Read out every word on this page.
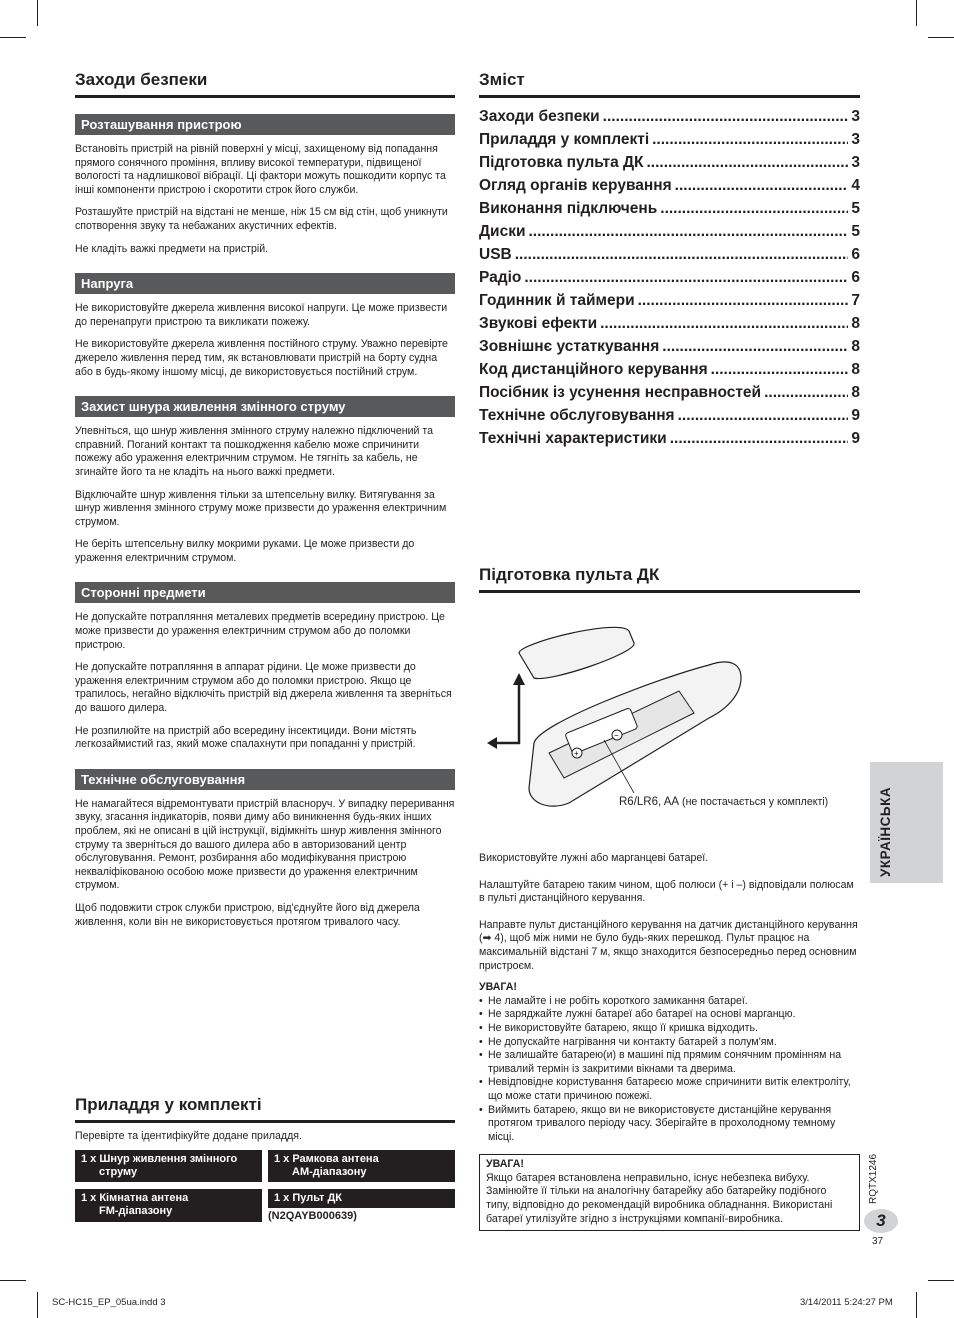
Заходи безпеки
Розташування пристрою

Встановіть пристрій на рівній поверхні у місці, захищеному від попадання прямого сонячного проміння, впливу високої температури, підвищеної вологості та надлишкової вібрації. Ці фактори можуть пошкодити корпус та інші компоненти пристрою і скоротити строк його служби.

Розташуйте пристрій на відстані не менше, ніж 15 см від стін, щоб уникнути спотворення звуку та небажаних акустичних ефектів.

Не кладіть важкі предмети на пристрій.

Напруга

Не використовуйте джерела живлення високої напруги. Це може призвести до перенапруги пристрою та викликати пожежу.

Не використовуйте джерела живлення постійного струму. Уважно перевірте джерело живлення перед тим, як встановлювати пристрій на борту судна або в будь-якому іншому місці, де використовується постійний струм.

Захист шнура живлення змінного струму

Упевніться, що шнур живлення змінного струму належно підключений та справний. Поганий контакт та пошкодження кабелю може спричинити пожежу або ураження електричним струмом. Не тягніть за кабель, не згинайте його та не кладіть на нього важкі предмети.

Відключайте шнур живлення тільки за штепсельну вилку. Витягування за шнур живлення змінного струму може призвести до ураження електричним струмом.

Не беріть штепсельну вилку мокрими руками. Це може призвести до ураження електричним струмом.

Сторонні предмети

Не допускайте потрапляння металевих предметів всередину пристрою. Це може призвести до ураження електричним струмом або до поломки пристрою.

Не допускайте потрапляння в аппарат рідини. Це може призвести до ураження електричним струмом або до поломки пристрою. Якщо це трапилось, негайно відключіть пристрій від джерела живлення та зверніться до вашого дилера.

Не розпилюйте на пристрій або всередину інсектициди. Вони містять легкозаймистий газ, який може спалахнути при попаданні у пристрій.

Технічне обслуговування

Не намагайтеся відремонтувати пристрій власноруч. У випадку переривання звуку, згасання індикаторів, появи диму або виникнення будь-яких інших проблем, які не описані в цій інструкції, відімкніть шнур живлення змінного струму та зверніться до вашого дилера або в авторизований центр обслуговування. Ремонт, розбирання або модифікування пристрою некваліфікованою особою може призвести до ураження електричним струмом.

Щоб подовжити строк служби пристрою, від'єднуйте його від джерела живлення, коли він не використовується протягом тривалого часу.

Приладдя у комплекті

Перевірте та ідентифікуйте додане приладдя.

1 x Шнур живлення змінного
струму
1 x Рамкова антена
АМ-діапазону
1 x Кімнатна антена
FM-діапазону
1 x Пульт ДК
(N2QAYB000639)
Зміст
Заходи безпеки .....	3
Приладдя у комплекті .....	3
Підготовка пульта ДК .....	3
Огляд органів керування .....	4
Виконання підключень .....	5
Диски .....	5
USB .....	6
Радіо .....	6
Годинник й таймери .....	7
Звукові ефекти .....	8
Зовнішнє устаткування .....	8
Код дистанційного керування .....	8
Посібник із усунення несправностей .....	8
Технічне обслуговування .....	9
Технічні характеристики .....	9
Підготовка пульта ДК
+
−
R6/LR6, AA (не постачається у комплекті)

Використовуйте лужні або марганцеві батареї.

Налаштуйте батарею таким чином, щоб полюси (+ і –) відповідали полюсам в пульті дистанційного керування.

Направте пульт дистанційного керування на датчик дистанційного керування (➡ 4), щоб між ними не було будь-яких перешкод. Пульт працює на максимальній відстані 7 м, якщо знаходится безпосередньо перед основним пристроєм.

УВАГА!
• Не ламайте і не робіть короткого замикання батареї.
• Не заряджайте лужні батареї або батареї на основі марганцю.
• Не використовуйте батарею, якщо її кришка відходить.
• Не допускайте нагрівання чи контакту батарей з полум'ям.
• Не залишайте батарею(и) в машині під прямим сонячним промінням на тривалий термін із закритими вікнами та дверима.
• Невідповідне користування батареєю може спричинити витік електроліту, що може стати причиною пожежі.
• Виймить батарею, якщо ви не використовуєте дистанційне керування протягом тривалого періоду часу. Зберігайте в прохолодному темному місці.
УВАГА!
Якщо батарея встановлена неправильно, існує небезпека вибуху. Замінюйте її тільки на аналогічну батарейку або батарейку подібного типу, відповідно до рекомендацій виробника обладнання. Використані батареї утилізуйте згідно з інструкціями компанії-виробника.
УКРАЇНСЬКА
RQTX1246
3
37
SC-HC15_EP_05ua.indd 3	3/14/2011 5:24:27 PM
